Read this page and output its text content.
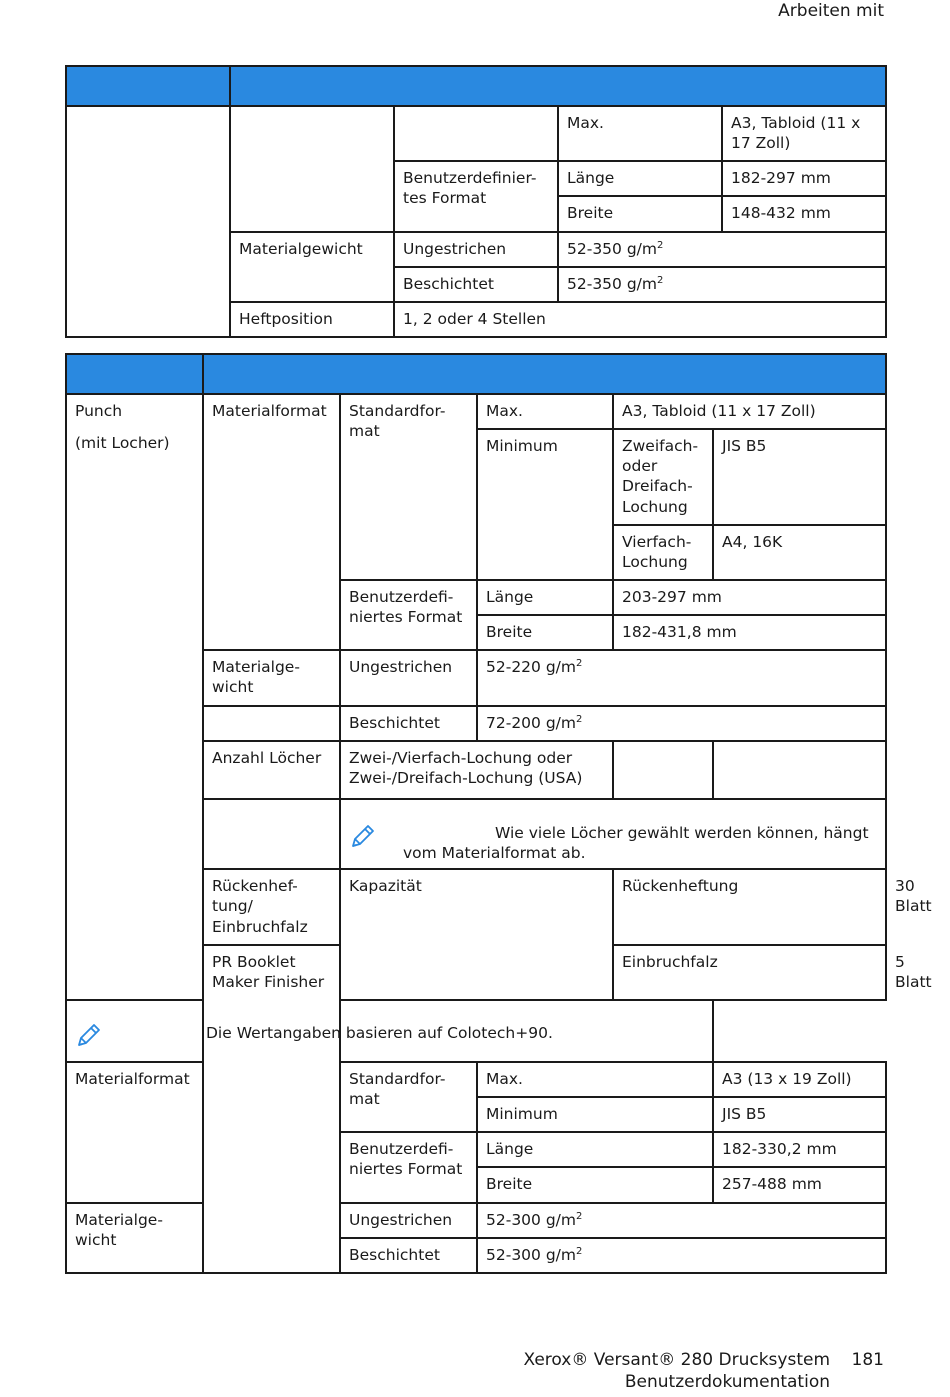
Arbeiten mit

			Max.	A3, Tabloid (11 x 17 Zoll)
		Benutzerdefinier-tes Format	Länge	182-297 mm
			Breite	148-432 mm
	Materialgewicht	Ungestrichen	52-350 $g/m^2$
		Beschichtet	52-350 $g/m^2$
	Heftposition	1, 2 oder 4 Stellen		

Punch
(mit Locher)	Materialformat	Standardfor-mat	Max.	A3, Tabloid (11 x 17 Zoll)		
			Minimum	Zweifach- oder Dreifach-Lochung	JIS B5	
				Vierfach-Lochung	A4, 16K	
		Benutzerdefi-niertes Format	Länge	203-297 mm		
			Breite	182-431,8 mm		
	Materialge-wicht	Ungestrichen	52-220 $g/m^2$
		Beschichtet	72-200 $g/m^2$
	Anzahl Löcher	Zwei-/Vierfach-Lochung oder Zwei-/Dreifach-Lochung (USA)				

		Wie viele Löcher gewählt werden können, hängt vom Materialformat ab.				

	Rückenhef-tung/ Einbruchfalz	Kapazität		Rückenheftung		30 Blatt
	PR Booklet Maker Finisher			Einbruchfalz		5 Blatt

Die Wertangaben basieren auf Colotech+90.						

Materialformat		Standardfor-mat	Max.		A3 (13 x 19 Zoll)	
			Minimum		JIS B5	
		Benutzerdefi-niertes Format	Länge		182-330,2 mm	
			Breite		257-488 mm	
Materialge-wicht		Ungestrichen	52-300 $g/m^2$
		Beschichtet	52-300 $g/m^2$
Xerox® Versant® 280 Drucksystem
Benutzerdokumentation
181
